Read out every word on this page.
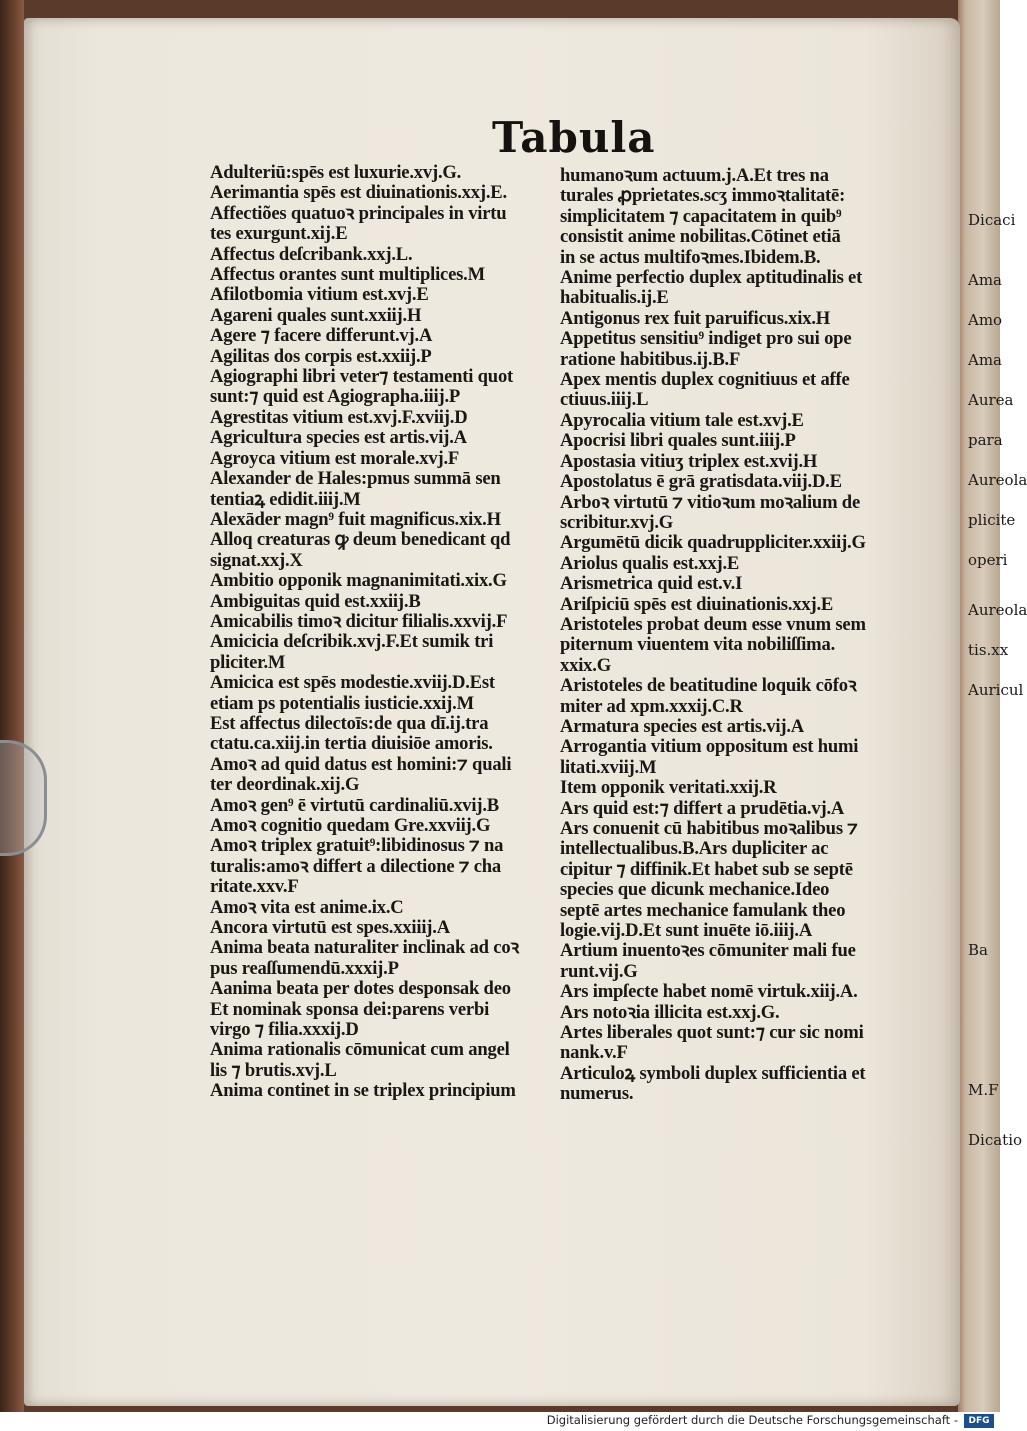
Dicaci
Ama
Amo
Ama
Aurea
para
Aureola
plicite
operi
Aureola
tis.xx
Auricul
Ba
M.F
Dicatio
Tabula
Adulteriū:spēs est luxurie.xvj.G.
Aerimantia spēs est diuinationis.xxj.E.
Affectiões quatuoꝛ principales in virtu
tes exurgunt.xij.E
Affectus deſcribank.xxj.L.
Affectus orantes sunt multiplices.M
Afilotbomia vitium est.xvj.E
Agareni quales sunt.xxiij.H
Agere ⁊ facere differunt.vj.A
Agilitas dos corpis est.xxiij.P
Agiographi libri veter⁊ testamenti quot
sunt:⁊ quid est Agiographa.iiij.P
Agrestitas vitium est.xvj.F.xviij.D
Agricultura species est artis.vij.A
Agroyca vitium est morale.xvj.F
Alexander de Hales:pmus summā sen
tentiaꝝ edidit.iiij.M
Alexāder magn⁹ fuit magnificus.xix.H
Alloq creaturas ꝙ deum benedicant qd
signat.xxj.X
Ambitio opponik magnanimitati.xix.G
Ambiguitas quid est.xxiij.B
Amicabilis timoꝛ dicitur filialis.xxvij.F
Amicicia deſcribik.xvj.F.Et sumik tri
pliciter.M
Amicica est spēs modestie.xviij.D.Est
etiam ps potentialis iusticie.xxij.M
Est affectus dilectoīs:de qua dī.ij.tra
ctatu.ca.xiij.in tertia diuisiōe amoris.
Amoꝛ ad quid datus est homini:⁊ quali
ter deordinak.xij.G
Amoꝛ gen⁹ ē virtutū cardinaliū.xvij.B
Amoꝛ cognitio quedam Gre.xxviij.G
Amoꝛ triplex gratuit⁹:libidinosus ⁊ na
turalis:amoꝛ differt a dilectione ⁊ cha
ritate.xxv.F
Amoꝛ vita est anime.ix.C
Ancora virtutū est spes.xxiiij.A
Anima beata naturaliter inclinak ad coꝛ
pus reaſſumendū.xxxij.P
Aanima beata per dotes desponsak deo
Et nominak sponsa dei:parens verbi
virgo ⁊ filia.xxxij.D
Anima rationalis cōmunicat cum angel
lis ⁊ brutis.xvj.L
Anima continet in se triplex principium
humanoꝛum actuum.j.A.Et tres na
turales ꝓprietates.scʒ immoꝛtalitatē:
simplicitatem ⁊ capacitatem in quib⁹
consistit anime nobilitas.Cōtinet etiā
in se actus multifoꝛmes.Ibidem.B.
Anime perfectio duplex aptitudinalis et
habitualis.ij.E
Antigonus rex fuit paruificus.xix.H
Appetitus sensitiu⁹ indiget pro sui ope
ratione habitibus.ij.B.F
Apex mentis duplex cognitiuus et affe
ctiuus.iiij.L
Apyrocalia vitium tale est.xvj.E
Apocrisi libri quales sunt.iiij.P
Apostasia vitiuʒ triplex est.xvij.H
Apostolatus ē grā gratisdata.viij.D.E
Arboꝛ virtutū ⁊ vitioꝛum moꝛalium de
scribitur.xvj.G
Argumētū dicik quadruppliciter.xxiij.G
Ariolus qualis est.xxj.E
Arismetrica quid est.v.I
Ariſpiciū spēs est diuinationis.xxj.E
Aristoteles probat deum esse vnum sem
piternum viuentem vita nobiliſſima.
xxix.G
Aristoteles de beatitudine loquik cōfoꝛ
miter ad xpm.xxxij.C.R
Armatura species est artis.vij.A
Arrogantia vitium oppositum est humi
litati.xviij.M
Item opponik veritati.xxij.R
Ars quid est:⁊ differt a prudētia.vj.A
Ars conuenit cū habitibus moꝛalibus ⁊
intellectualibus.B.Ars dupliciter ac
cipitur ⁊ diffinik.Et habet sub se septē
species que dicunk mechanice.Ideo
septē artes mechanice famulank theo
logie.vij.D.Et sunt inuēte iō.iiij.A
Artium inuentoꝛes cōmuniter mali fue
runt.vij.G
Ars impſecte habet nomē virtuk.xiij.A.
Ars notoꝛia illicita est.xxj.G.
Artes liberales quot sunt:⁊ cur sic nomi
nank.v.F
Articuloꝝ symboli duplex sufficientia et
numerus.
Digitalisierung gefördert durch die Deutsche Forschungsgemeinschaft -	DFG
